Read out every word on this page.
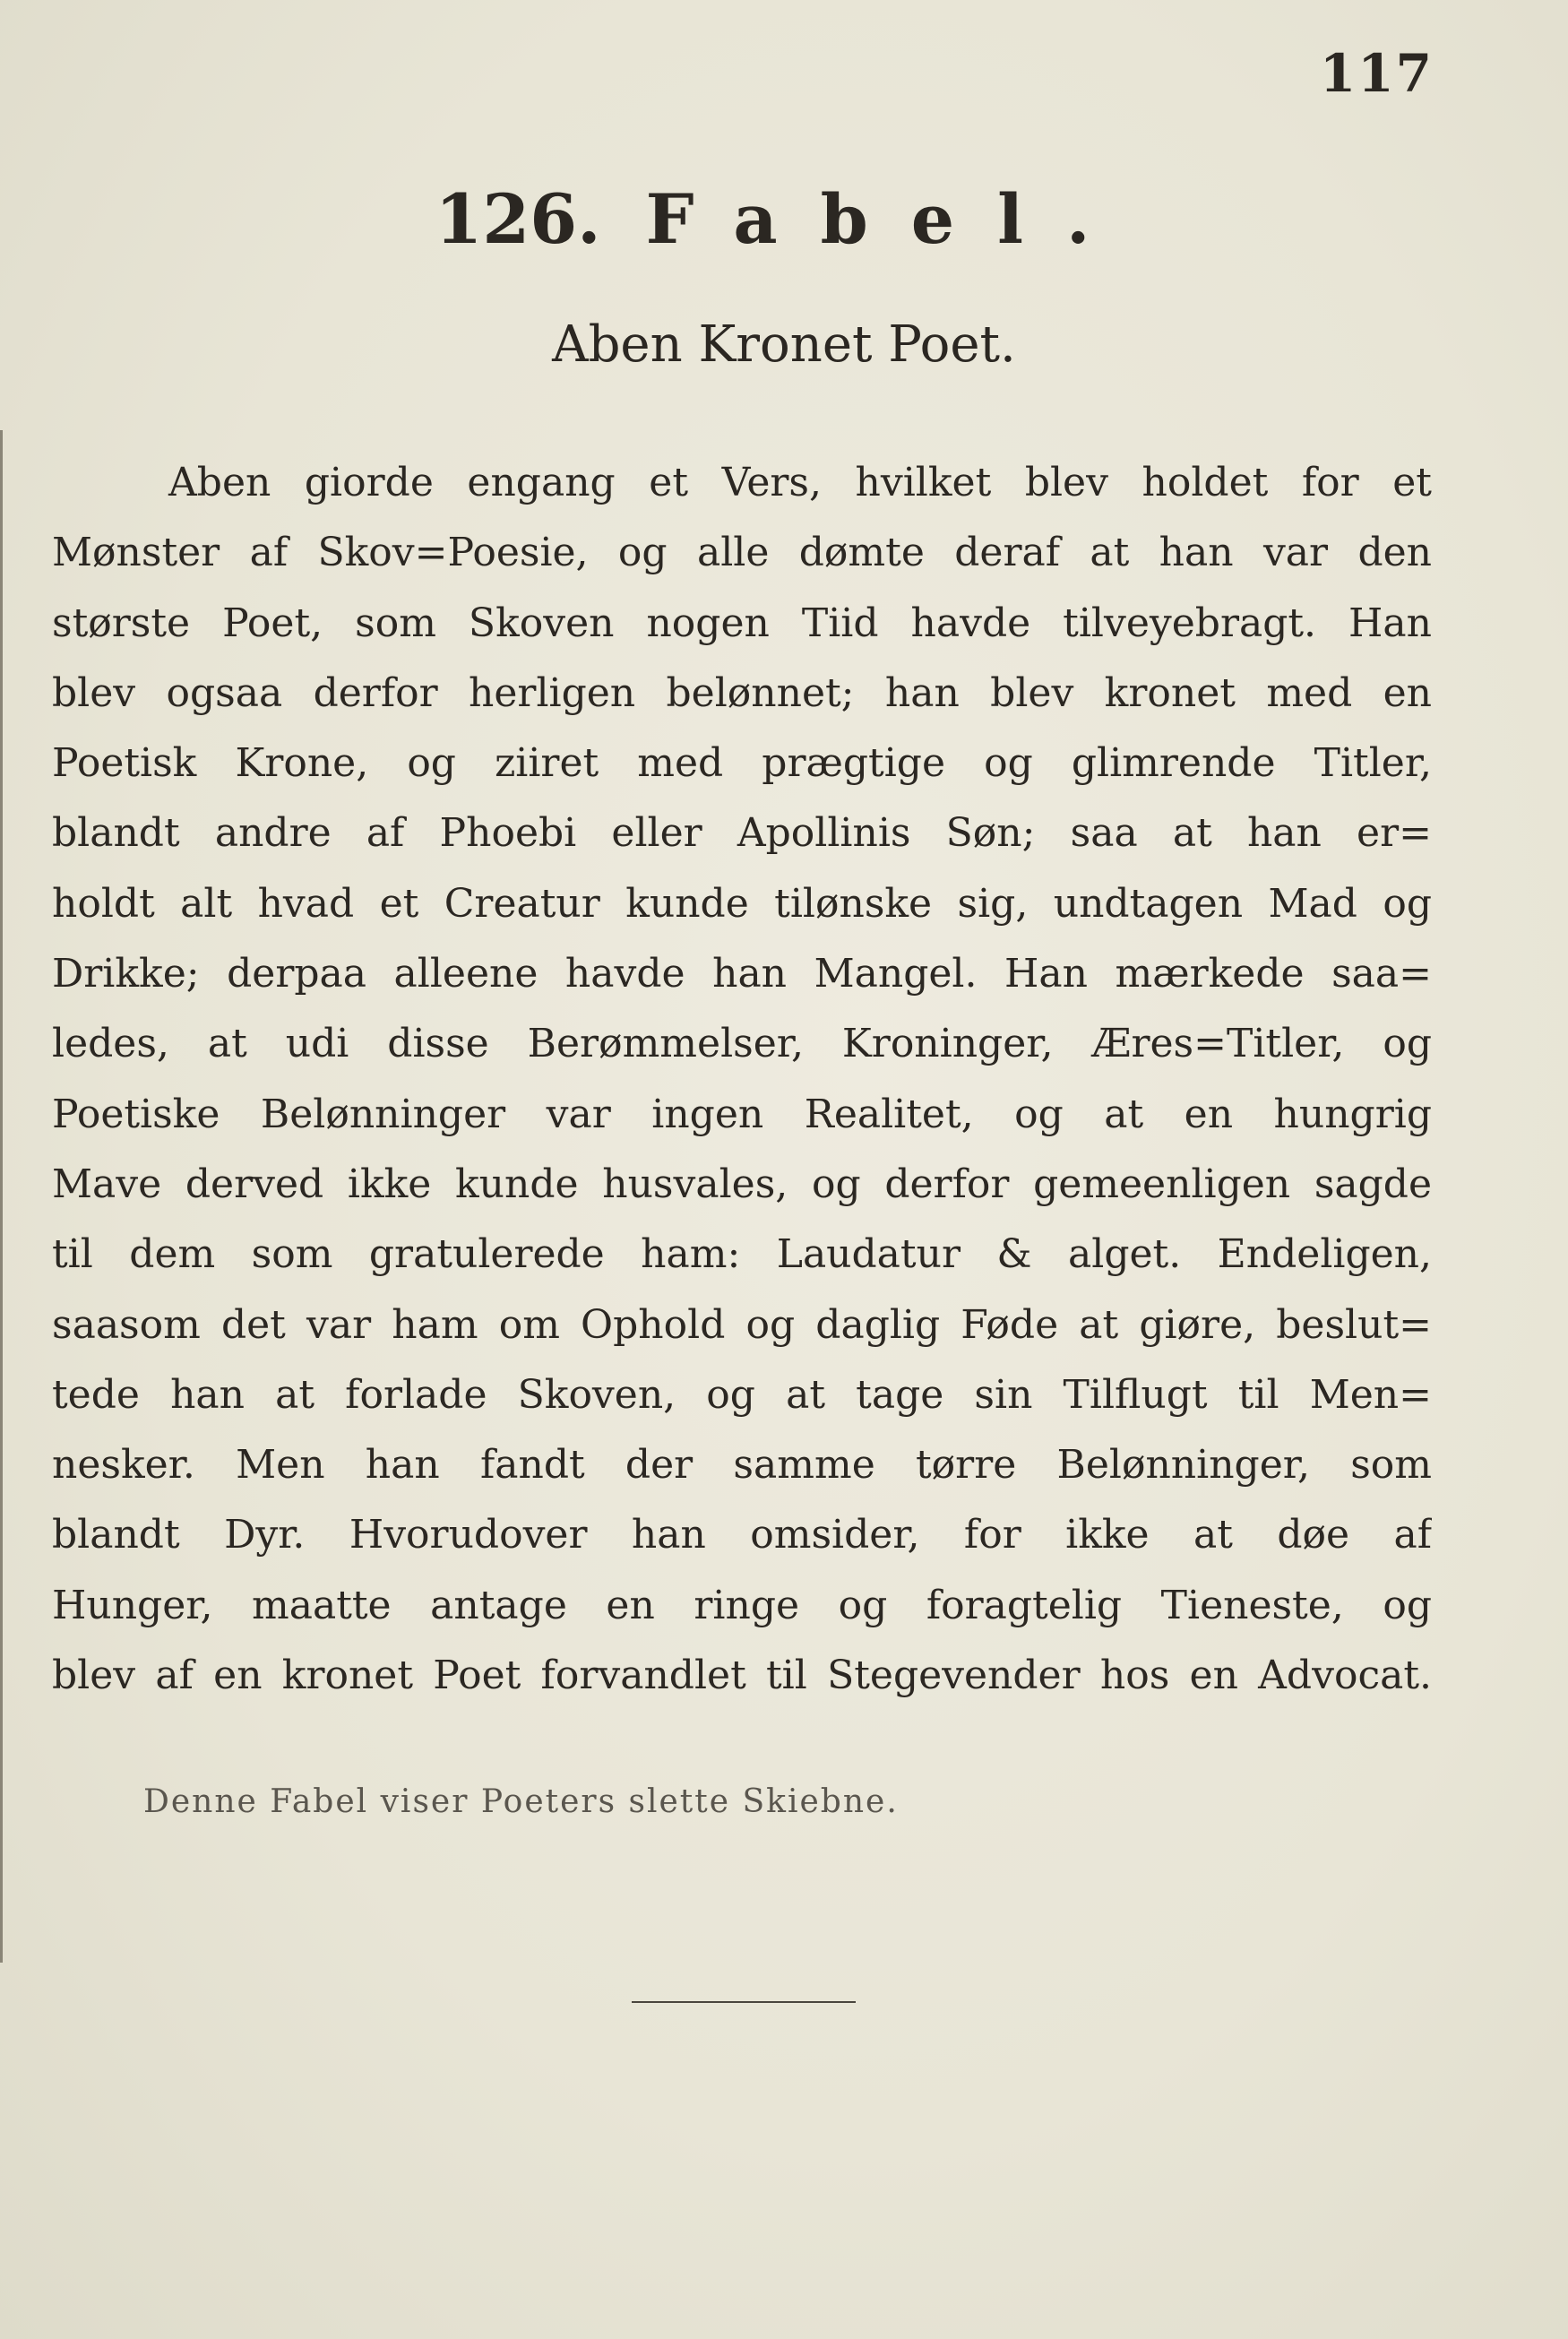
117
126. Fabel.
Aben Kronet Poet.
Aben giorde engang et Vers, hvilket blev holdet for et
Mønster af Skov=Poesie, og alle dømte deraf at han var den
største Poet, som Skoven nogen Tiid havde tilveyebragt. Han
blev ogsaa derfor herligen belønnet; han blev kronet med en
Poetisk Krone, og ziiret med prægtige og glimrende Titler,
blandt andre af Phoebi eller Apollinis Søn; saa at han er=
holdt alt hvad et Creatur kunde tilønske sig, undtagen Mad og
Drikke; derpaa alleene havde han Mangel. Han mærkede saa=
ledes, at udi disse Berømmelser, Kroninger, Æres=Titler, og
Poetiske Belønninger var ingen Realitet, og at en hungrig
Mave derved ikke kunde husvales, og derfor gemeenligen sagde
til dem som gratulerede ham: Laudatur & alget. Endeligen,
saasom det var ham om Ophold og daglig Føde at giøre, beslut=
tede han at forlade Skoven, og at tage sin Tilflugt til Men=
nesker. Men han fandt der samme tørre Belønninger, som
blandt Dyr. Hvorudover han omsider, for ikke at døe af
Hunger, maatte antage en ringe og foragtelig Tieneste, og
blev af en kronet Poet forvandlet til Stegevender hos en Advocat.
Denne Fabel viser Poeters slette Skiebne.
